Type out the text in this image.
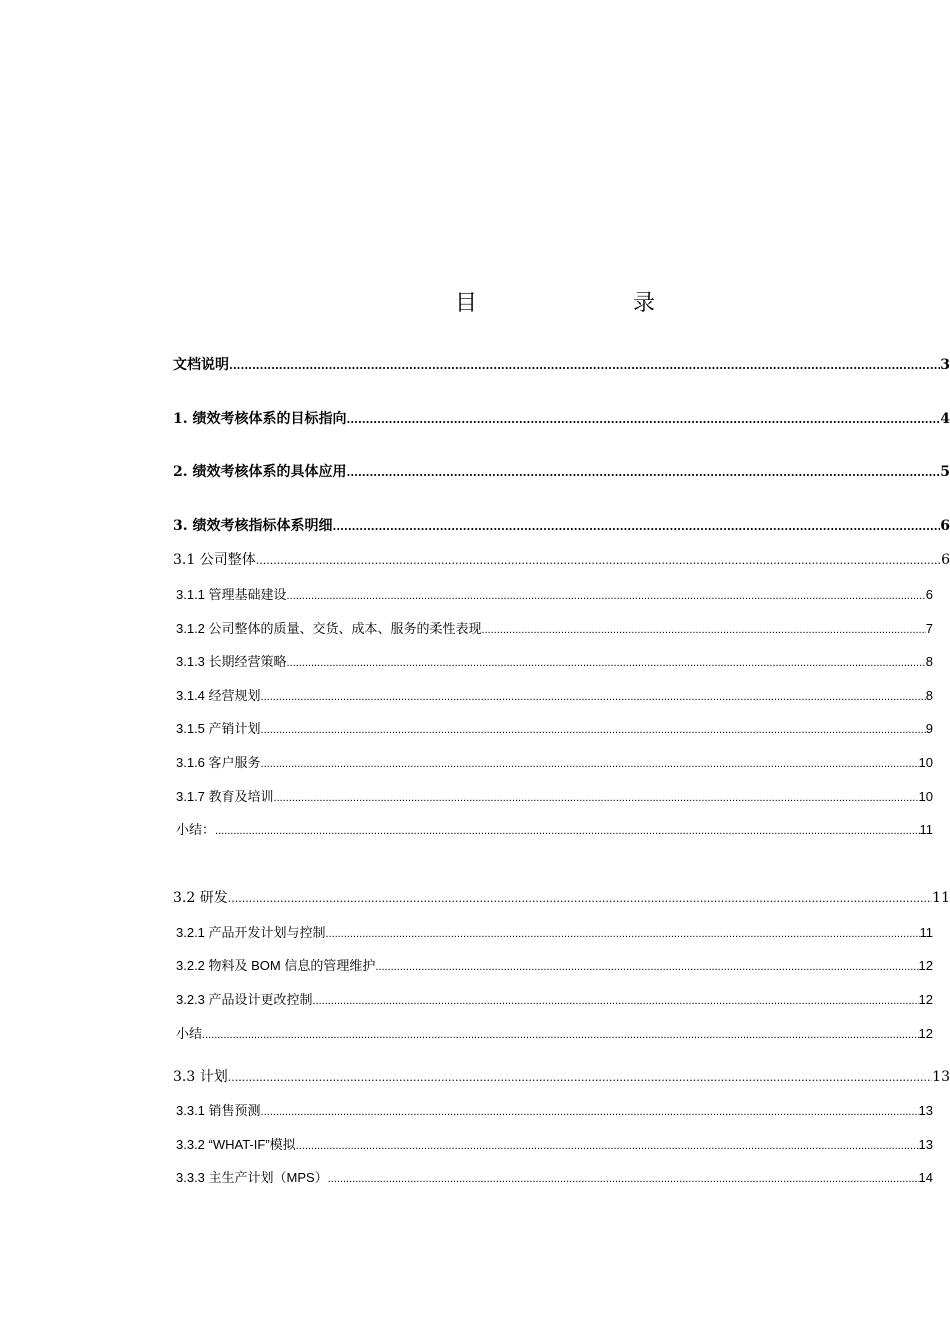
目	录
文档说明 .....	3
1. 绩效考核体系的目标指向 .....	4
2. 绩效考核体系的具体应用 .....	5
3. 绩效考核指标体系明细 .....	6
3.1 公司整体 .....	6
3.1.1 管理基础建设 .....	6
3.1.2 公司整体的质量、交货、成本、服务的柔性表现 .....	7
3.1.3 长期经营策略 .....	8
3.1.4 经营规划 .....	8
3.1.5 产销计划 .....	9
3.1.6 客户服务 .....	10
3.1.7 教育及培训 .....	10
小结： .....	11
3.2 研发 .....	11
3.2.1 产品开发计划与控制 .....	11
3.2.2 物料及 BOM 信息的管理维护 .....	12
3.2.3 产品设计更改控制 .....	12
小结 .....	12
3.3 计划 .....	13
3.3.1 销售预测 .....	13
3.3.2 “WHAT-IF”模拟 .....	13
3.3.3 主生产计划（MPS） .....	14
